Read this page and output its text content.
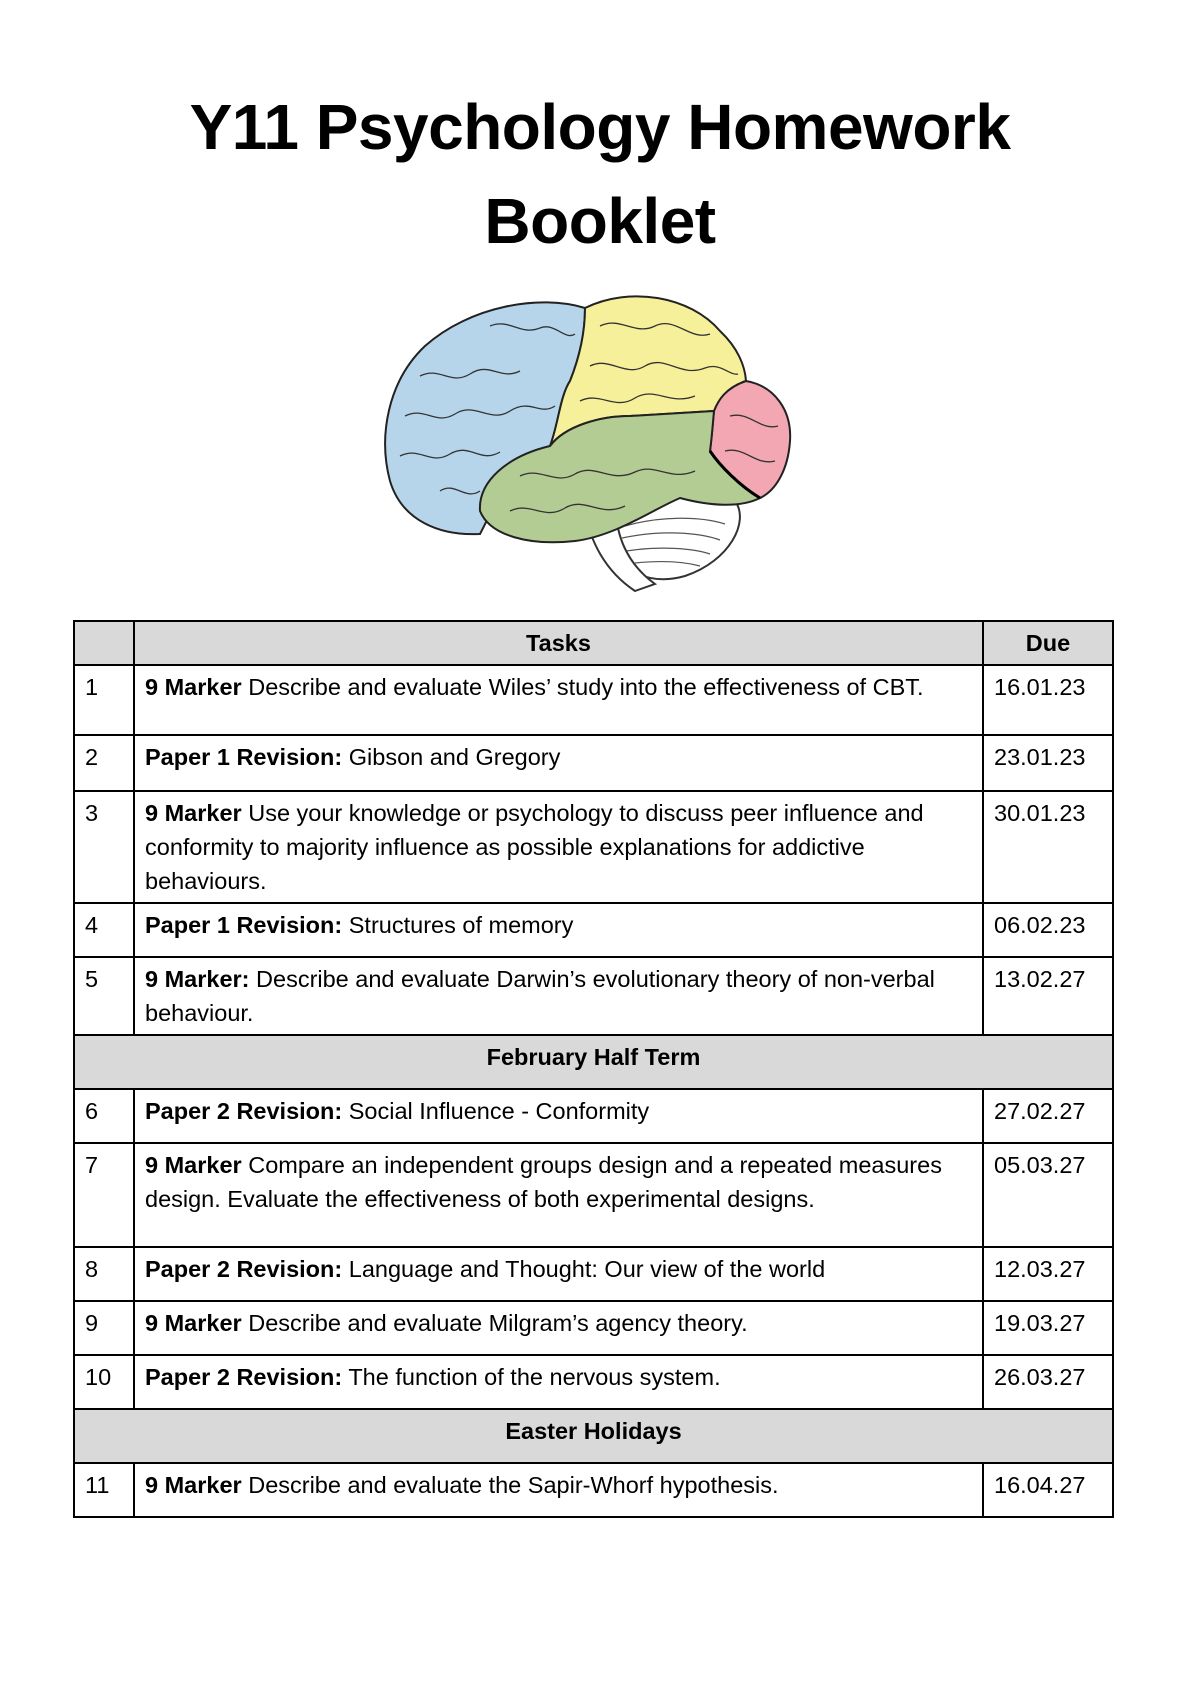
Y11 Psychology Homework
Booklet
	Tasks	Due
1	9 Marker Describe and evaluate Wiles’ study into the effectiveness of CBT.	16.01.23
2	Paper 1 Revision: Gibson and Gregory	23.01.23
3	9 Marker Use your knowledge or psychology to discuss peer influence and conformity to majority influence as possible explanations for addictive behaviours.	30.01.23
4	Paper 1 Revision: Structures of memory	06.02.23
5	9 Marker: Describe and evaluate Darwin’s evolutionary theory of non-verbal behaviour.	13.02.27
February Half Term		
6	Paper 2 Revision: Social Influence - Conformity	27.02.27
7	9 Marker Compare an independent groups design and a repeated measures design. Evaluate the effectiveness of both experimental designs.	05.03.27
8	Paper 2 Revision: Language and Thought: Our view of the world	12.03.27
9	9 Marker Describe and evaluate Milgram’s agency theory.	19.03.27
10	Paper 2 Revision: The function of the nervous system.	26.03.27
Easter Holidays		
11	9 Marker Describe and evaluate the Sapir-Whorf hypothesis.	16.04.27
